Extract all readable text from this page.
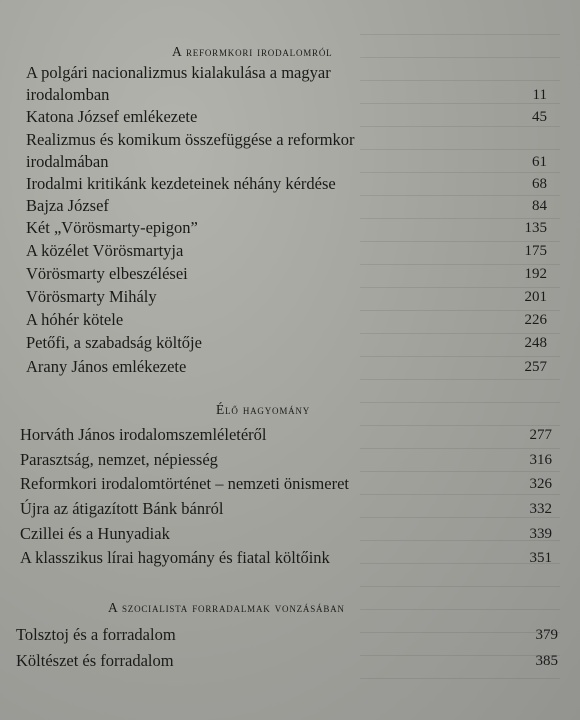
A reformkori irodalomról
A polgári nacionalizmus kialakulása a magyar
irodalomban	11
Katona József emlékezete	45
Realizmus és komikum összefüggése a reformkor
irodalmában	61
Irodalmi kritikánk kezdeteinek néhány kérdése	68
Bajza József	84
Két „Vörösmarty-epigon”	135
A közélet Vörösmartyja	175
Vörösmarty elbeszélései	192
Vörösmarty Mihály	201
A hóhér kötele	226
Petőfi, a szabadság költője	248
Arany János emlékezete	257
Élő hagyomány
Horváth János irodalomszemléletéről	277
Parasztság, nemzet, népiesség	316
Reformkori irodalomtörténet – nemzeti önismeret	326
Újra az átigazított Bánk bánról	332
Czillei és a Hunyadiak	339
A klasszikus lírai hagyomány és fiatal költőink	351
A szocialista forradalmak vonzásában
Tolsztoj és a forradalom	379
Költészet és forradalom	385
